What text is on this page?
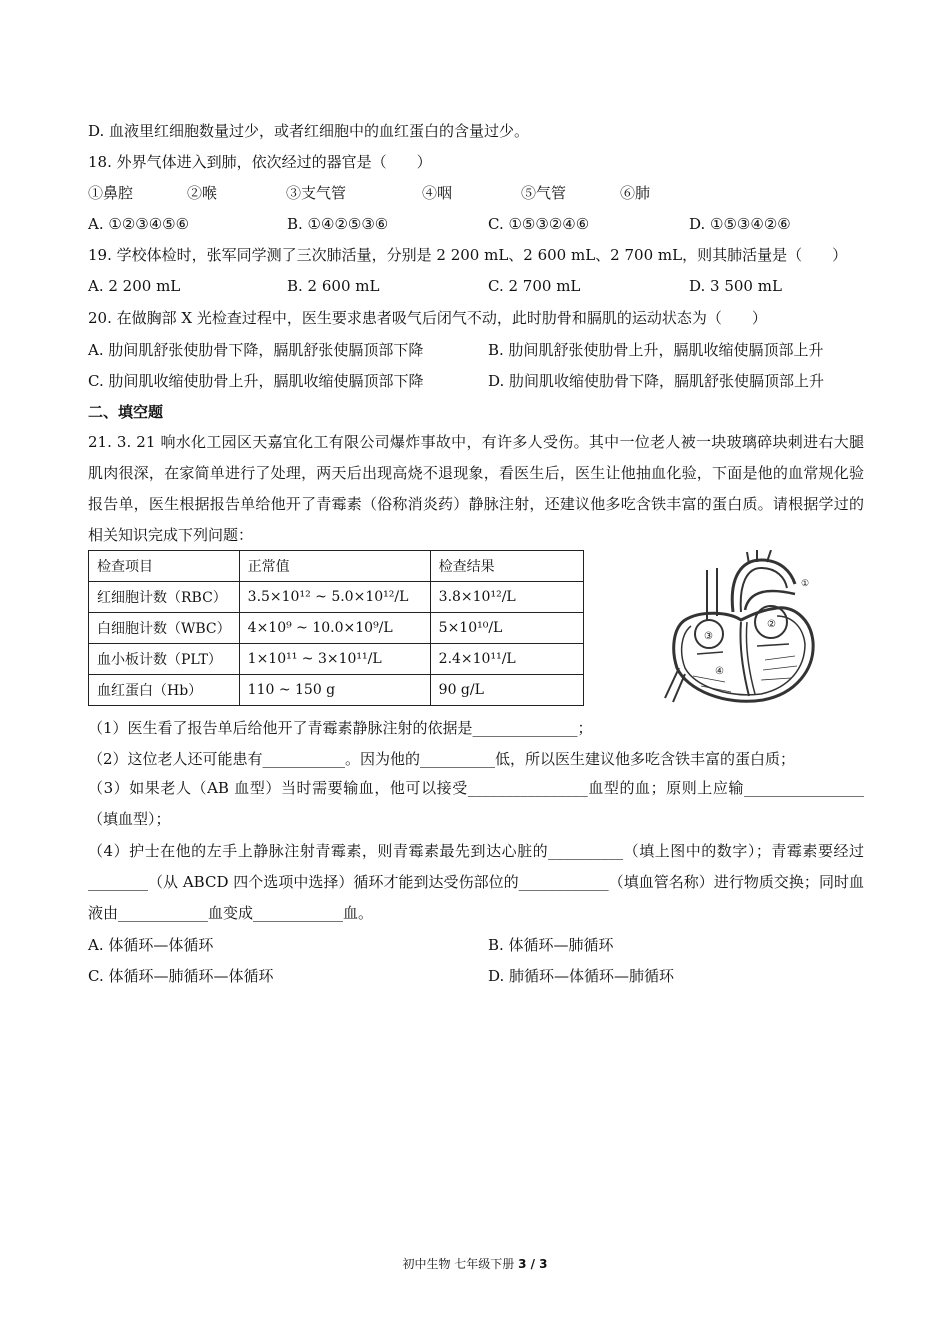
D. 血液里红细胞数量过少，或者红细胞中的血红蛋白的含量过少。
18. 外界气体进入到肺，依次经过的器官是（　　）
①鼻腔	②喉	③支气管	④咽	⑤气管	⑥肺
A. ①②③④⑤⑥	B. ①④②⑤③⑥	C. ①⑤③②④⑥	D. ①⑤③④②⑥
19. 学校体检时，张军同学测了三次肺活量，分别是 2 200 mL、2 600 mL、2 700 mL，则其肺活量是（　　）
A. 2 200 mL	B. 2 600 mL	C. 2 700 mL	D. 3 500 mL
20. 在做胸部 X 光检查过程中，医生要求患者吸气后闭气不动，此时肋骨和膈肌的运动状态为（　　）
A. 肋间肌舒张使肋骨下降，膈肌舒张使膈顶部下降	B. 肋间肌舒张使肋骨上升，膈肌收缩使膈顶部上升
C. 肋间肌收缩使肋骨上升，膈肌收缩使膈顶部下降	D. 肋间肌收缩使肋骨下降，膈肌舒张使膈顶部上升
二、填空题
21. 3. 21 响水化工园区天嘉宜化工有限公司爆炸事故中，有许多人受伤。其中一位老人被一块玻璃碎块刺进右大腿肌肉很深，在家简单进行了处理，两天后出现高烧不退现象，看医生后，医生让他抽血化验，下面是他的血常规化验报告单，医生根据报告单给他开了青霉素（俗称消炎药）静脉注射，还建议他多吃含铁丰富的蛋白质。请根据学过的相关知识完成下列问题：
检查项目	正常值	检查结果
红细胞计数（RBC）	3.5×10¹² ~ 5.0×10¹²/L	3.8×10¹²/L
白细胞计数（WBC）	4×10⁹ ~ 10.0×10⁹/L	5×10¹⁰/L
血小板计数（PLT）	1×10¹¹ ~ 3×10¹¹/L	2.4×10¹¹/L
血红蛋白（Hb）	110 ~ 150 g	90 g/L
③
②
④
①
（1）医生看了报告单后给他开了青霉素静脉注射的依据是______________；
（2）这位老人还可能患有___________。因为他的__________低，所以医生建议他多吃含铁丰富的蛋白质；
（3）如果老人（AB 血型）当时需要输血，他可以接受________________血型的血；原则上应输________________（填血型）；
（4）护士在他的左手上静脉注射青霉素，则青霉素最先到达心脏的__________（填上图中的数字）；青霉素要经过________（从 ABCD 四个选项中选择）循环才能到达受伤部位的____________（填血管名称）进行物质交换；同时血液由____________血变成____________血。
A. 体循环—体循环	B. 体循环—肺循环
C. 体循环—肺循环—体循环	D. 肺循环—体循环—肺循环
初中生物 七年级下册 3 / 3
